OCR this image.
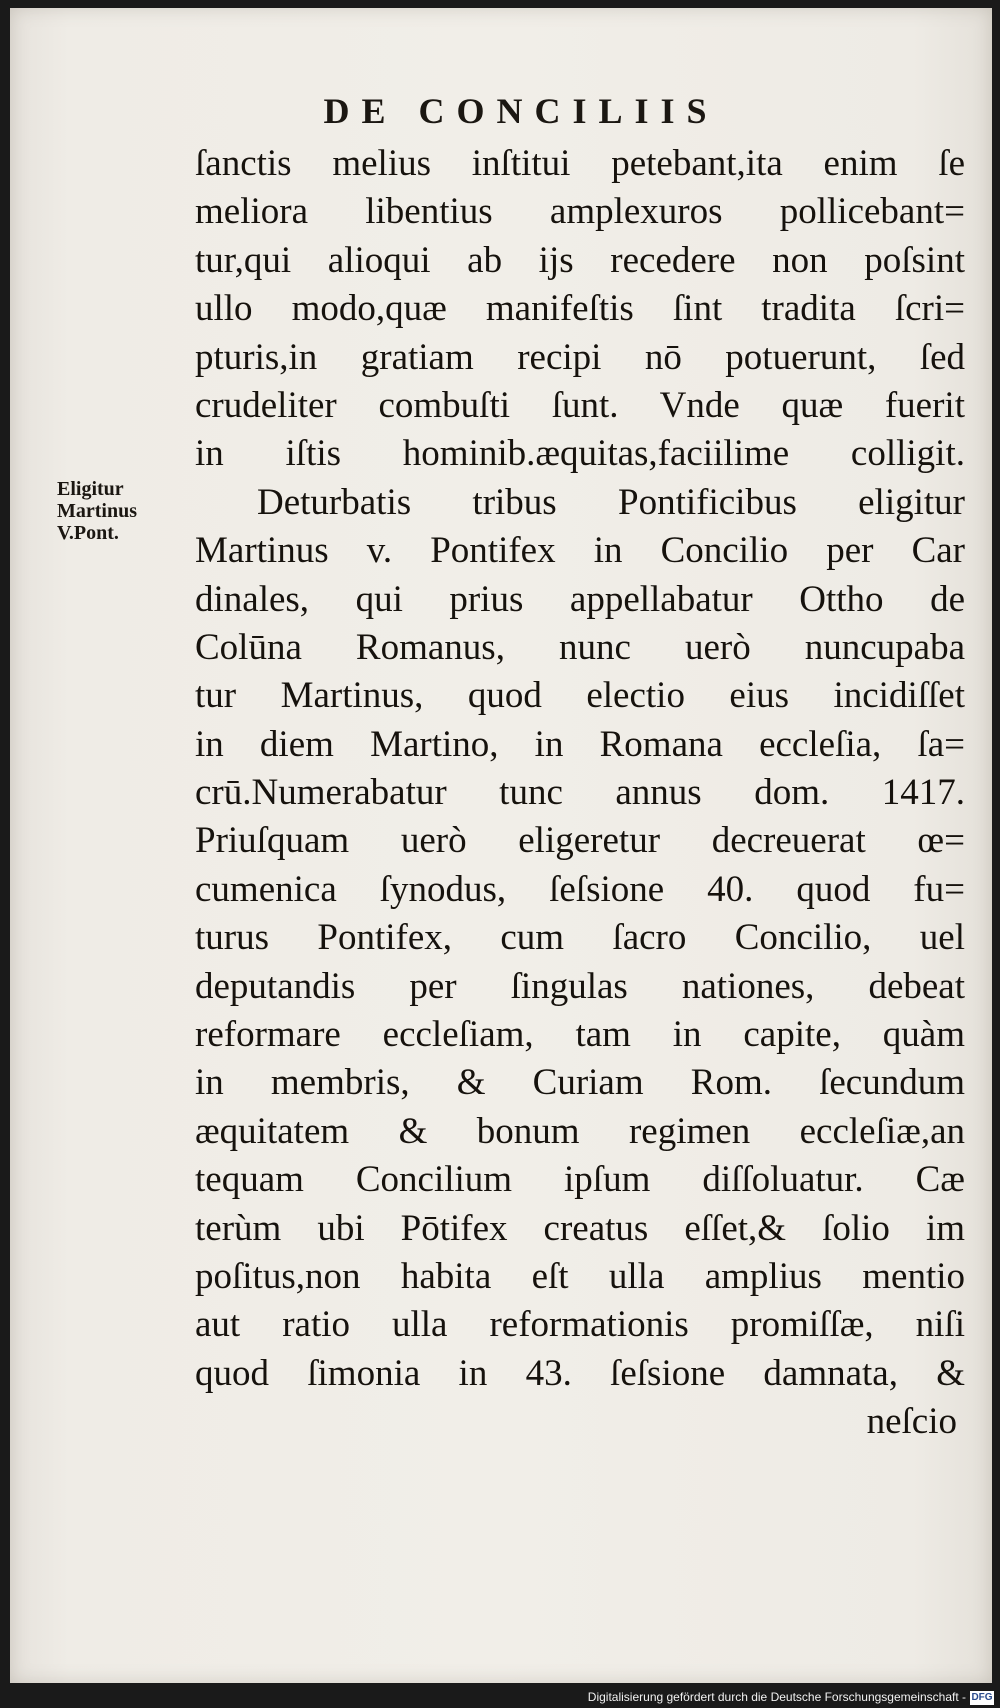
DE CONCILIIS
Eligitur
Martinus
V.Pont.
ſanctis melius inſtitui petebant,ita enim ſe
meliora libentius amplexuros pollicebant=
tur,qui alioqui ab ijs recedere non poſsint
ullo modo,quæ manifeſtis ſint tradita ſcri=
pturis,in gratiam recipi nō potuerunt, ſed
crudeliter combuſti ſunt. Vnde quæ fuerit
in iſtis hominib.æquitas,faciilime colligit.
Deturbatis tribus Pontificibus eligitur
Martinus v. Pontifex in Concilio per Car
dinales, qui prius appellabatur Ottho de
Colūna Romanus, nunc uerò nuncupaba
tur Martinus, quod electio eius incidiſſet
in diem Martino, in Romana eccleſia, ſa=
crū.Numerabatur tunc annus dom. 1417.
Priuſquam uerò eligeretur decreuerat œ=
cumenica ſynodus, ſeſsione 40. quod fu=
turus Pontifex, cum ſacro Concilio, uel
deputandis per ſingulas nationes, debeat
reformare eccleſiam, tam in capite, quàm
in membris, & Curiam Rom. ſecundum
æquitatem & bonum regimen eccleſiæ,an
tequam Concilium ipſum diſſoluatur. Cæ
terùm ubi Pōtifex creatus eſſet,& ſolio im
poſitus,non habita eſt ulla amplius mentio
aut ratio ulla reformationis promiſſæ, niſi
quod ſimonia in 43. ſeſsione damnata, &
neſcio
Digitalisierung gefördert durch die Deutsche Forschungsgemeinschaft - DFG
